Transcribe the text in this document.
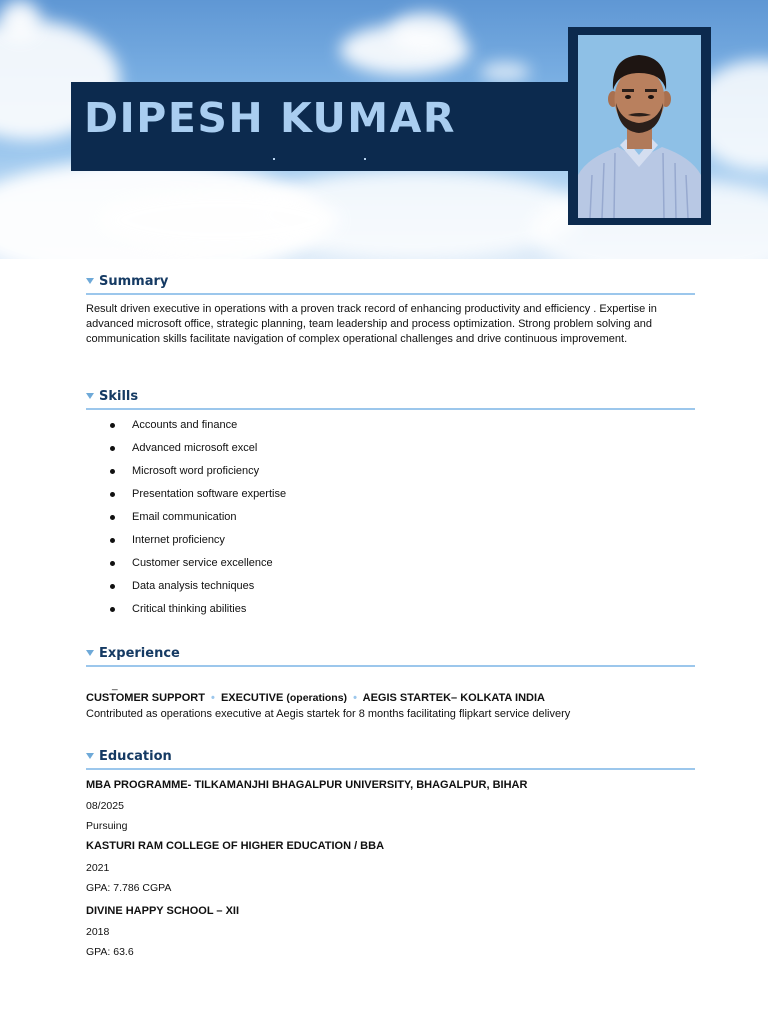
DIPESH KUMAR
Summary
Result driven executive in operations with a proven track record of enhancing productivity and efficiency . Expertise in advanced microsoft office, strategic planning, team leadership and process optimization. Strong problem solving and communication skills facilitate navigation of complex operational challenges and drive continuous improvement.
Skills
Accounts and finance
Advanced microsoft excel
Microsoft word proficiency
Presentation software expertise
Email communication
Internet proficiency
Customer service excellence
Data analysis techniques
Critical thinking abilities
Experience
_
CUSTOMER SUPPORT • EXECUTIVE (operations) • AEGIS STARTEK– KOLKATA INDIA
Contributed as operations executive at Aegis startek for 8 months facilitating flipkart service delivery
Education
MBA PROGRAMME- TILKAMANJHI BHAGALPUR UNIVERSITY, BHAGALPUR, BIHAR
08/2025
Pursuing
KASTURI RAM COLLEGE OF HIGHER EDUCATION / BBA
2021
GPA: 7.786 CGPA
DIVINE HAPPY SCHOOL – XII
2018
GPA: 63.6
